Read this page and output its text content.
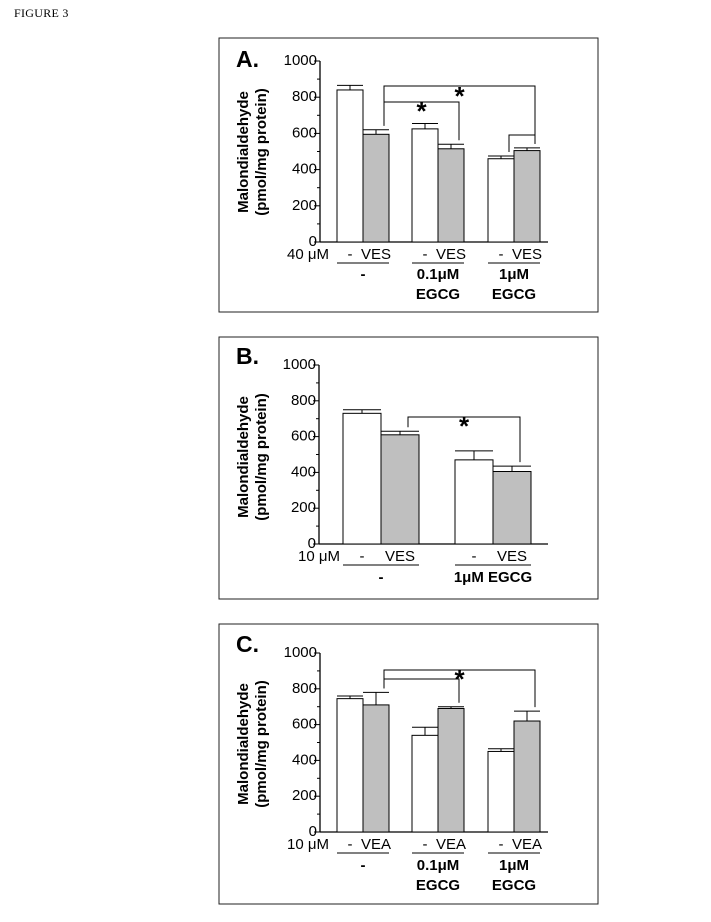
FIGURE 3
A.
Malondialdehyde (pmol/mg protein)
0
200
400
600
800
1000
40 μM - VES - VES - VES
-	0.1μM
EGCG
1μM
EGCG
* *
B.
Malondialdehyde (pmol/mg protein)
0
200
400
600
800
1000
10 μM - VES	- VES
-	1μM EGCG
*
C.
Malondialdehyde (pmol/mg protein)
0
200
400
600
800
1000
10 μM - VEA - VEA - VEA
-	0.1μM
EGCG
1μM
EGCG
*
